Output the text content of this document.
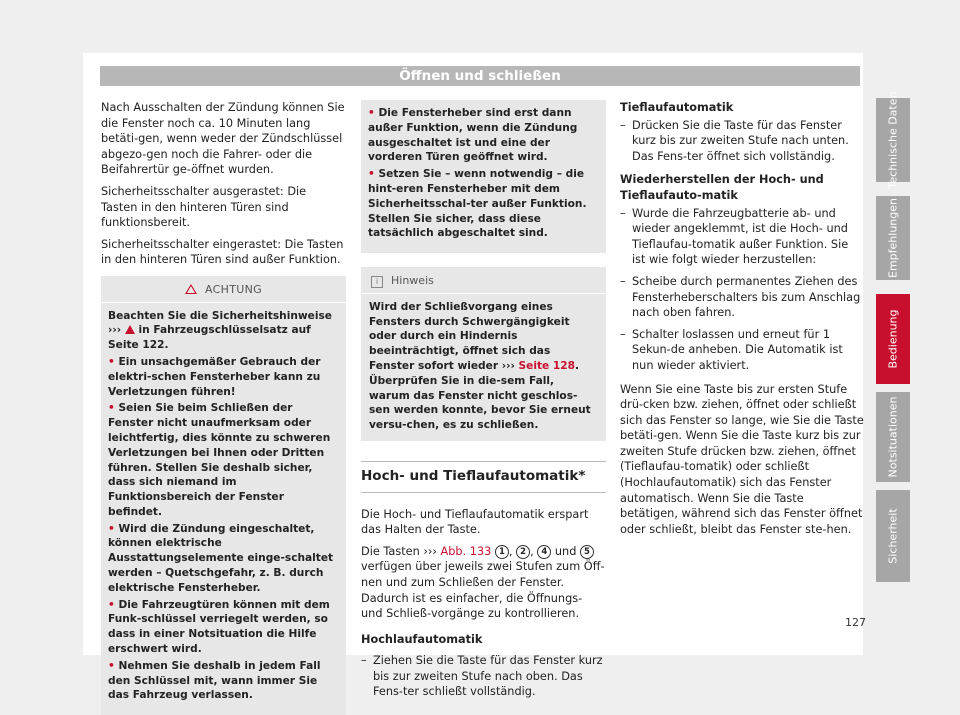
Öffnen und schließen

Nach Ausschalten der Zündung können Sie die Fenster noch ca. 10 Minuten lang betäti-gen, wenn weder der Zündschlüssel abgezo-gen noch die Fahrer- oder die Beifahrertür ge-öffnet wurden.

Sicherheitsschalter ausgerastet: Die Tasten in den hinteren Türen sind funktionsbereit.

Sicherheitsschalter eingerastet: Die Tasten in den hinteren Türen sind außer Funktion.

ACHTUNG

Beachten Sie die Sicherheitshinweise ››› in Fahrzeugschlüsselsatz auf Seite 122.

• Ein unsachgemäßer Gebrauch der elektri-schen Fensterheber kann zu Verletzungen führen!

• Seien Sie beim Schließen der Fenster nicht unaufmerksam oder leichtfertig, dies könnte zu schweren Verletzungen bei Ihnen oder Dritten führen. Stellen Sie deshalb sicher, dass sich niemand im Funktionsbereich der Fenster befindet.

• Wird die Zündung eingeschaltet, können elektrische Ausstattungselemente einge-schaltet werden – Quetschgefahr, z. B. durch elektrische Fensterheber.

• Die Fahrzeugtüren können mit dem Funk-schlüssel verriegelt werden, so dass in einer Notsituation die Hilfe erschwert wird.

• Nehmen Sie deshalb in jedem Fall den Schlüssel mit, wann immer Sie das Fahrzeug verlassen.

• Die Fensterheber sind erst dann außer Funktion, wenn die Zündung ausgeschaltet ist und eine der vorderen Türen geöffnet wird.

• Setzen Sie – wenn notwendig – die hint-eren Fensterheber mit dem Sicherheitsschal-ter außer Funktion. Stellen Sie sicher, dass diese tatsächlich abgeschaltet sind.

i Hinweis
Wird der Schließvorgang eines Fensters durch Schwergängigkeit oder durch ein Hindernis beeinträchtigt, öffnet sich das Fenster sofort wieder ››› Seite 128. Überprüfen Sie in die-sem Fall, warum das Fenster nicht geschlos-sen werden konnte, bevor Sie erneut versu-chen, es zu schließen.
Hoch- und Tieflaufautomatik*

Die Hoch- und Tieflaufautomatik erspart das Halten der Taste.

Die Tasten ››› Abb. 133 1 , 2 , 4 und 5 verfügen über jeweils zwei Stufen zum Öff-nen und zum Schließen der Fenster. Dadurch ist es einfacher, die Öffnungs- und Schließ-vorgänge zu kontrollieren.

Hochlaufautomatik

– Ziehen Sie die Taste für das Fenster kurz bis zur zweiten Stufe nach oben. Das Fens-ter schließt vollständig.

Tieflaufautomatik

– Drücken Sie die Taste für das Fenster kurz bis zur zweiten Stufe nach unten. Das Fens-ter öffnet sich vollständig.

Wiederherstellen der Hoch- und Tieflaufauto-matik

– Wurde die Fahrzeugbatterie ab- und wieder angeklemmt, ist die Hoch- und Tieflaufau-tomatik außer Funktion. Sie ist wie folgt wieder herzustellen:
– Scheibe durch permanentes Ziehen des Fensterheberschalters bis zum Anschlag nach oben fahren.
– Schalter loslassen und erneut für 1 Sekun-de anheben. Die Automatik ist nun wieder aktiviert.

Wenn Sie eine Taste bis zur ersten Stufe drü-cken bzw. ziehen, öffnet oder schließt sich das Fenster so lange, wie Sie die Taste betäti-gen. Wenn Sie die Taste kurz bis zur zweiten Stufe drücken bzw. ziehen, öffnet (Tieflaufau-tomatik) oder schließt (Hochlaufautomatik) sich das Fenster automatisch. Wenn Sie die Taste betätigen, während sich das Fenster öffnet oder schließt, bleibt das Fenster ste-hen.

Technische Daten
Empfehlungen
Bedienung
Notsituationen
Sicherheit
127
